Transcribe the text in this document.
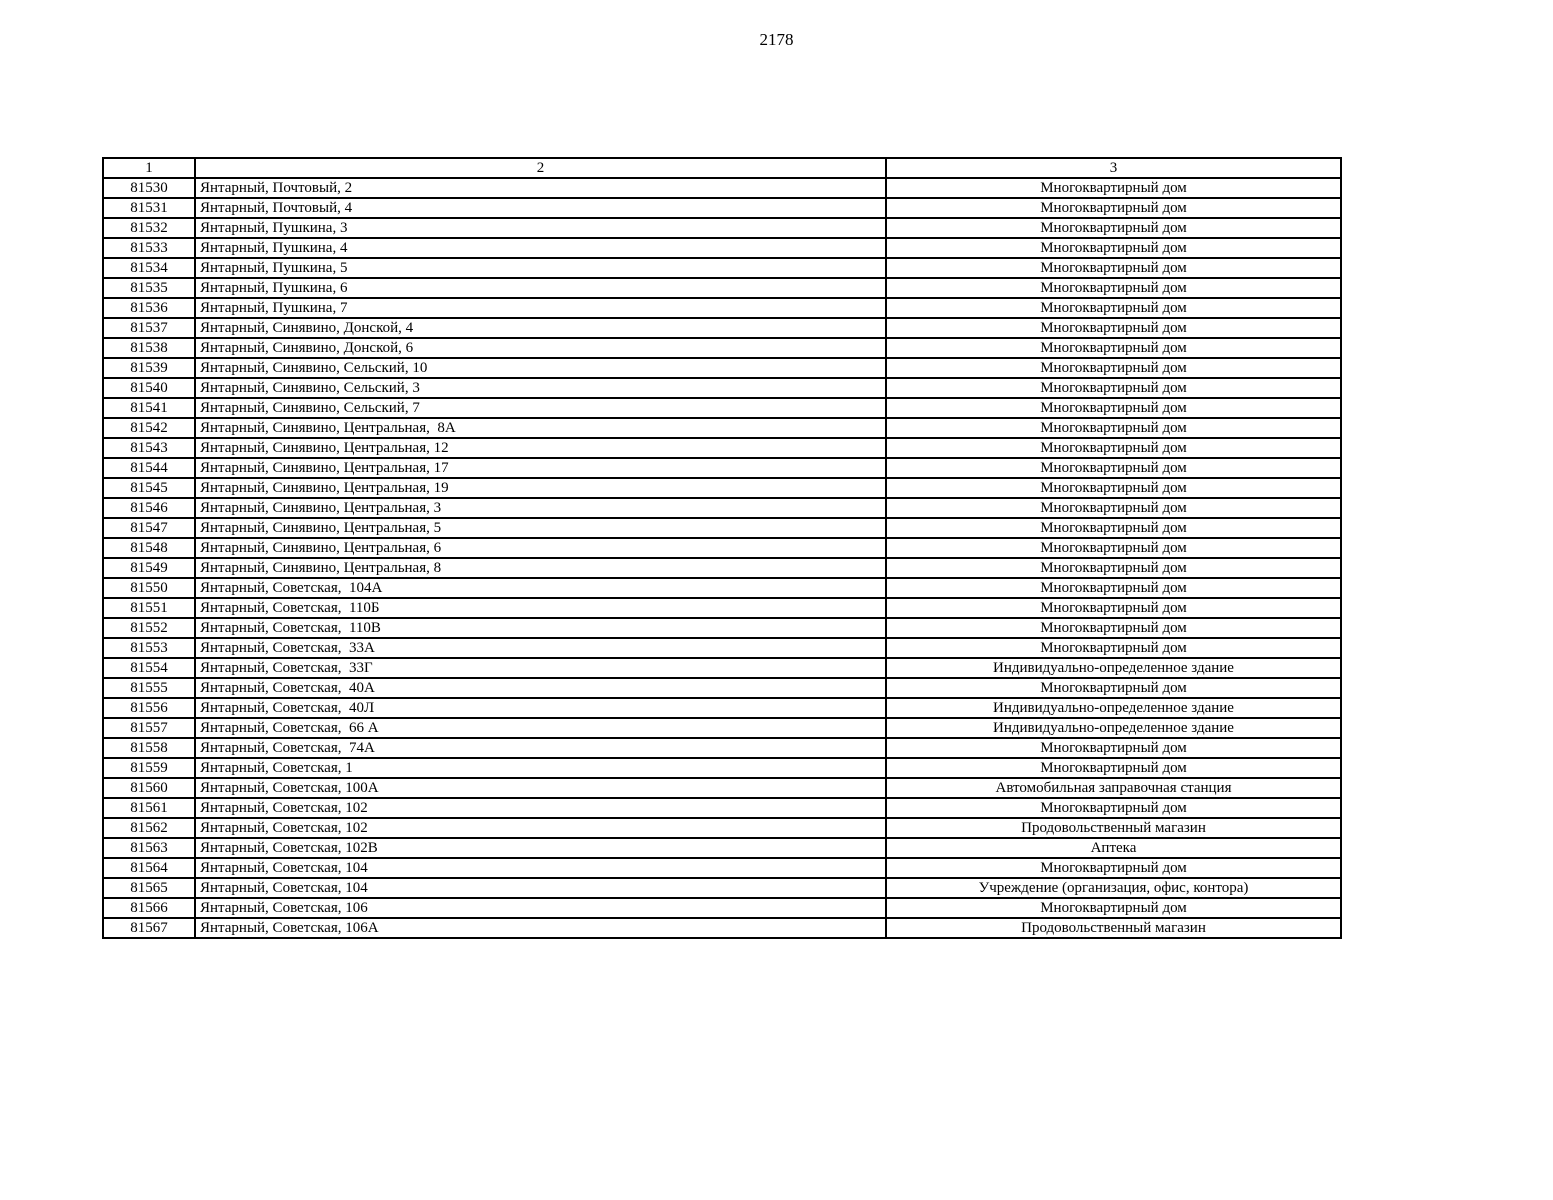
2178
1	2	3
81530	Янтарный, Почтовый, 2	Многоквартирный дом
81531	Янтарный, Почтовый, 4	Многоквартирный дом
81532	Янтарный, Пушкина, 3	Многоквартирный дом
81533	Янтарный, Пушкина, 4	Многоквартирный дом
81534	Янтарный, Пушкина, 5	Многоквартирный дом
81535	Янтарный, Пушкина, 6	Многоквартирный дом
81536	Янтарный, Пушкина, 7	Многоквартирный дом
81537	Янтарный, Синявино, Донской, 4	Многоквартирный дом
81538	Янтарный, Синявино, Донской, 6	Многоквартирный дом
81539	Янтарный, Синявино, Сельский, 10	Многоквартирный дом
81540	Янтарный, Синявино, Сельский, 3	Многоквартирный дом
81541	Янтарный, Синявино, Сельский, 7	Многоквартирный дом
81542	Янтарный, Синявино, Центральная,  8А	Многоквартирный дом
81543	Янтарный, Синявино, Центральная, 12	Многоквартирный дом
81544	Янтарный, Синявино, Центральная, 17	Многоквартирный дом
81545	Янтарный, Синявино, Центральная, 19	Многоквартирный дом
81546	Янтарный, Синявино, Центральная, 3	Многоквартирный дом
81547	Янтарный, Синявино, Центральная, 5	Многоквартирный дом
81548	Янтарный, Синявино, Центральная, 6	Многоквартирный дом
81549	Янтарный, Синявино, Центральная, 8	Многоквартирный дом
81550	Янтарный, Советская,  104А	Многоквартирный дом
81551	Янтарный, Советская,  110Б	Многоквартирный дом
81552	Янтарный, Советская,  110В	Многоквартирный дом
81553	Янтарный, Советская,  33А	Многоквартирный дом
81554	Янтарный, Советская,  33Г	Индивидуально-определенное здание
81555	Янтарный, Советская,  40А	Многоквартирный дом
81556	Янтарный, Советская,  40Л	Индивидуально-определенное здание
81557	Янтарный, Советская,  66 А	Индивидуально-определенное здание
81558	Янтарный, Советская,  74А	Многоквартирный дом
81559	Янтарный, Советская, 1	Многоквартирный дом
81560	Янтарный, Советская, 100А	Автомобильная заправочная станция
81561	Янтарный, Советская, 102	Многоквартирный дом
81562	Янтарный, Советская, 102	Продовольственный магазин
81563	Янтарный, Советская, 102В	Аптека
81564	Янтарный, Советская, 104	Многоквартирный дом
81565	Янтарный, Советская, 104	Учреждение (организация, офис, контора)
81566	Янтарный, Советская, 106	Многоквартирный дом
81567	Янтарный, Советская, 106А	Продовольственный магазин
